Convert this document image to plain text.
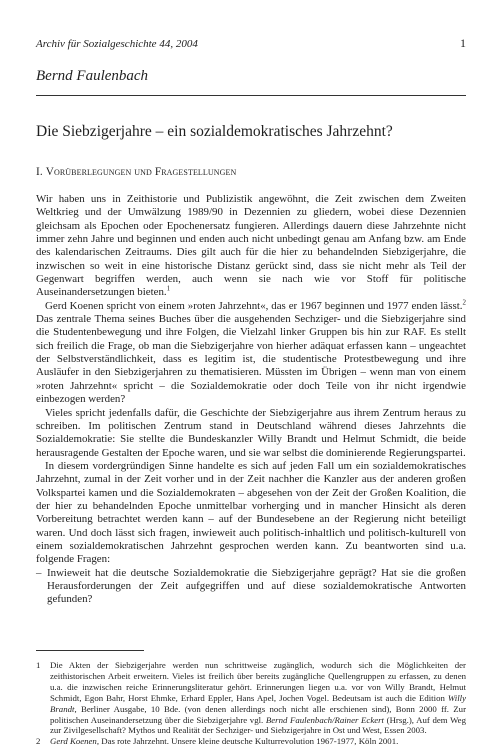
Archiv für Sozialgeschichte 44, 2004	1
Bernd Faulenbach
Die Siebzigerjahre – ein sozialdemokratisches Jahrzehnt?
I. Vorüberlegungen und Fragestellungen

Wir haben uns in Zeithistorie und Publizistik angewöhnt, die Zeit zwischen dem Zweiten Weltkrieg und der Umwälzung 1989/90 in Dezennien zu gliedern, wobei diese Dezennien gleichsam als Epochen oder Epochenersatz fungieren. Allerdings dauern diese Jahrzehnte nicht immer zehn Jahre und beginnen und enden auch nicht unbedingt genau am Anfang bzw. am Ende des kalendarischen Zeitraums. Dies gilt auch für die hier zu behandelnden Siebzigerjahre, die inzwischen so weit in eine historische Distanz gerückt sind, dass sie nicht mehr als Teil der Gegenwart begriffen werden, auch wenn sie nach wie vor Stoff für politische Auseinandersetzungen bieten.$^1$

Gerd Koenen spricht von einem »roten Jahrzehnt«, das er 1967 beginnen und 1977 enden lässt.$^2$ Das zentrale Thema seines Buches über die ausgehenden Sechziger- und die Siebzigerjahre sind die Studentenbewegung und ihre Folgen, die Vielzahl linker Gruppen bis hin zur RAF. Es stellt sich freilich die Frage, ob man die Siebzigerjahre von hierher adäquat erfassen kann – ungeachtet der Selbstverständlichkeit, dass es legitim ist, die studentische Protestbewegung und ihre Ausläufer in den Siebzigerjahren zu thematisieren. Müssten im Übrigen – wenn man von einem »roten Jahrzehnt« spricht – die Sozialdemokratie oder doch Teile von ihr nicht irgendwie einbezogen werden?

Vieles spricht jedenfalls dafür, die Geschichte der Siebzigerjahre aus ihrem Zentrum heraus zu schreiben. Im politischen Zentrum stand in Deutschland während dieses Jahrzehnts die Sozialdemokratie: Sie stellte die Bundeskanzler Willy Brandt und Helmut Schmidt, die beide herausragende Gestalten der Epoche waren, und sie war selbst die dominierende Regierungspartei.

In diesem vordergründigen Sinne handelte es sich auf jeden Fall um ein sozialdemokratisches Jahrzehnt, zumal in der Zeit vorher und in der Zeit nachher die Kanzler aus der anderen großen Volkspartei kamen und die Sozialdemokraten – abgesehen von der Zeit der Großen Koalition, die der hier zu behandelnden Epoche unmittelbar vorherging und in mancher Hinsicht als deren Vorbereitung betrachtet werden kann – auf der Bundesebene an der Regierung nicht beteiligt waren. Und doch lässt sich fragen, inwieweit auch politisch-inhaltlich und politisch-kulturell von einem sozialdemokratischen Jahrzehnt gesprochen werden kann. Zu beantworten sind u.a. folgende Fragen:

– Inwieweit hat die deutsche Sozialdemokratie die Siebzigerjahre geprägt? Hat sie die großen Herausforderungen der Zeit aufgegriffen und auf diese sozialdemokratische Antworten gefunden?
1 Die Akten der Siebzigerjahre werden nun schrittweise zugänglich, wodurch sich die Möglichkeiten der zeithistorischen Arbeit erweitern. Vieles ist freilich über bereits zugängliche Quellengruppen zu erfassen, zu denen u.a. die inzwischen reiche Erinnerungsliteratur gehört. Erinnerungen liegen u.a. vor von Willy Brandt, Helmut Schmidt, Egon Bahr, Horst Ehmke, Erhard Eppler, Hans Apel, Jochen Vogel. Bedeutsam ist auch die Edition Willy Brandt, Berliner Ausgabe, 10 Bde. (von denen allerdings noch nicht alle erschienen sind), Bonn 2000 ff. Zur politischen Auseinandersetzung über die Siebzigerjahre vgl. Bernd Faulenbach/Rainer Eckert (Hrsg.), Auf dem Weg zur Zivilgesellschaft? Mythos und Realität der Sechziger- und Siebzigerjahre in Ost und West, Essen 2003.
2 Gerd Koenen, Das rote Jahrzehnt. Unsere kleine deutsche Kulturrevolution 1967-1977, Köln 2001.
